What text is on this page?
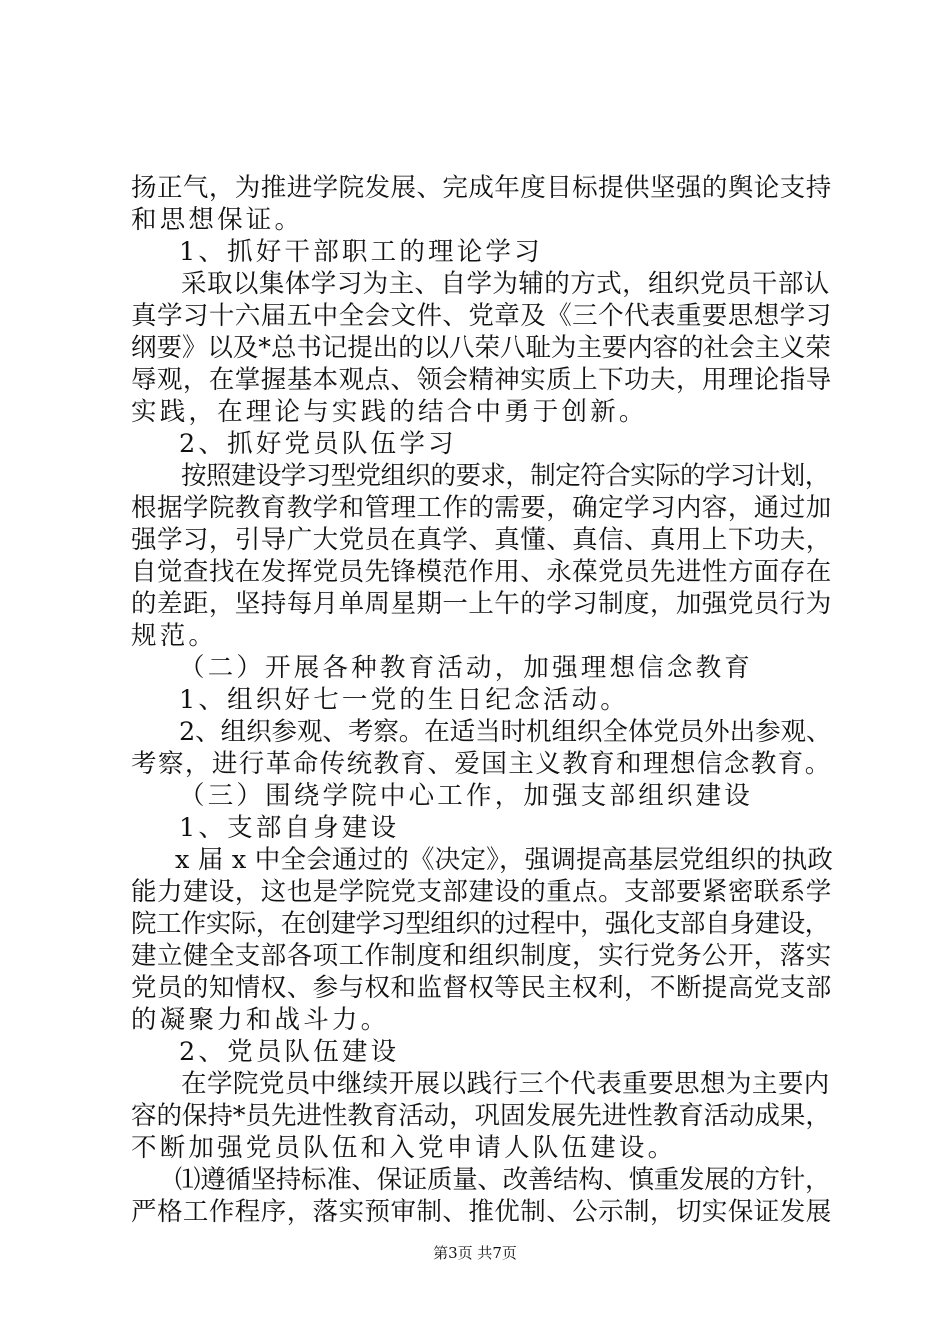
扬正气，为推进学院发展、完成年度目标提供坚强的舆论支持
和思想保证。
1、抓好干部职工的理论学习
采取以集体学习为主、自学为辅的方式，组织党员干部认
真学习十六届五中全会文件、党章及《三个代表重要思想学习
纲要》以及*总书记提出的以八荣八耻为主要内容的社会主义荣
辱观，在掌握基本观点、领会精神实质上下功夫，用理论指导
实践，在理论与实践的结合中勇于创新。
2、抓好党员队伍学习
按照建设学习型党组织的要求，制定符合实际的学习计划，
根据学院教育教学和管理工作的需要，确定学习内容，通过加
强学习，引导广大党员在真学、真懂、真信、真用上下功夫，
自觉查找在发挥党员先锋模范作用、永葆党员先进性方面存在
的差距，坚持每月单周星期一上午的学习制度，加强党员行为
规范。
（二）开展各种教育活动，加强理想信念教育
1、组织好七一党的生日纪念活动。
2、组织参观、考察。在适当时机组织全体党员外出参观、
考察，进行革命传统教育、爱国主义教育和理想信念教育。
（三）围绕学院中心工作，加强支部组织建设
1、支部自身建设
x 届 x 中全会通过的《决定》，强调提高基层党组织的执政
能力建设，这也是学院党支部建设的重点。支部要紧密联系学
院工作实际，在创建学习型组织的过程中，强化支部自身建设，
建立健全支部各项工作制度和组织制度，实行党务公开，落实
党员的知情权、参与权和监督权等民主权利，不断提高党支部
的凝聚力和战斗力。
2、党员队伍建设
在学院党员中继续开展以践行三个代表重要思想为主要内
容的保持*员先进性教育活动，巩固发展先进性教育活动成果，
不断加强党员队伍和入党申请人队伍建设。
⑴遵循坚持标准、保证质量、改善结构、慎重发展的方针，
严格工作程序，落实预审制、推优制、公示制，切实保证发展
第3页 共7页
